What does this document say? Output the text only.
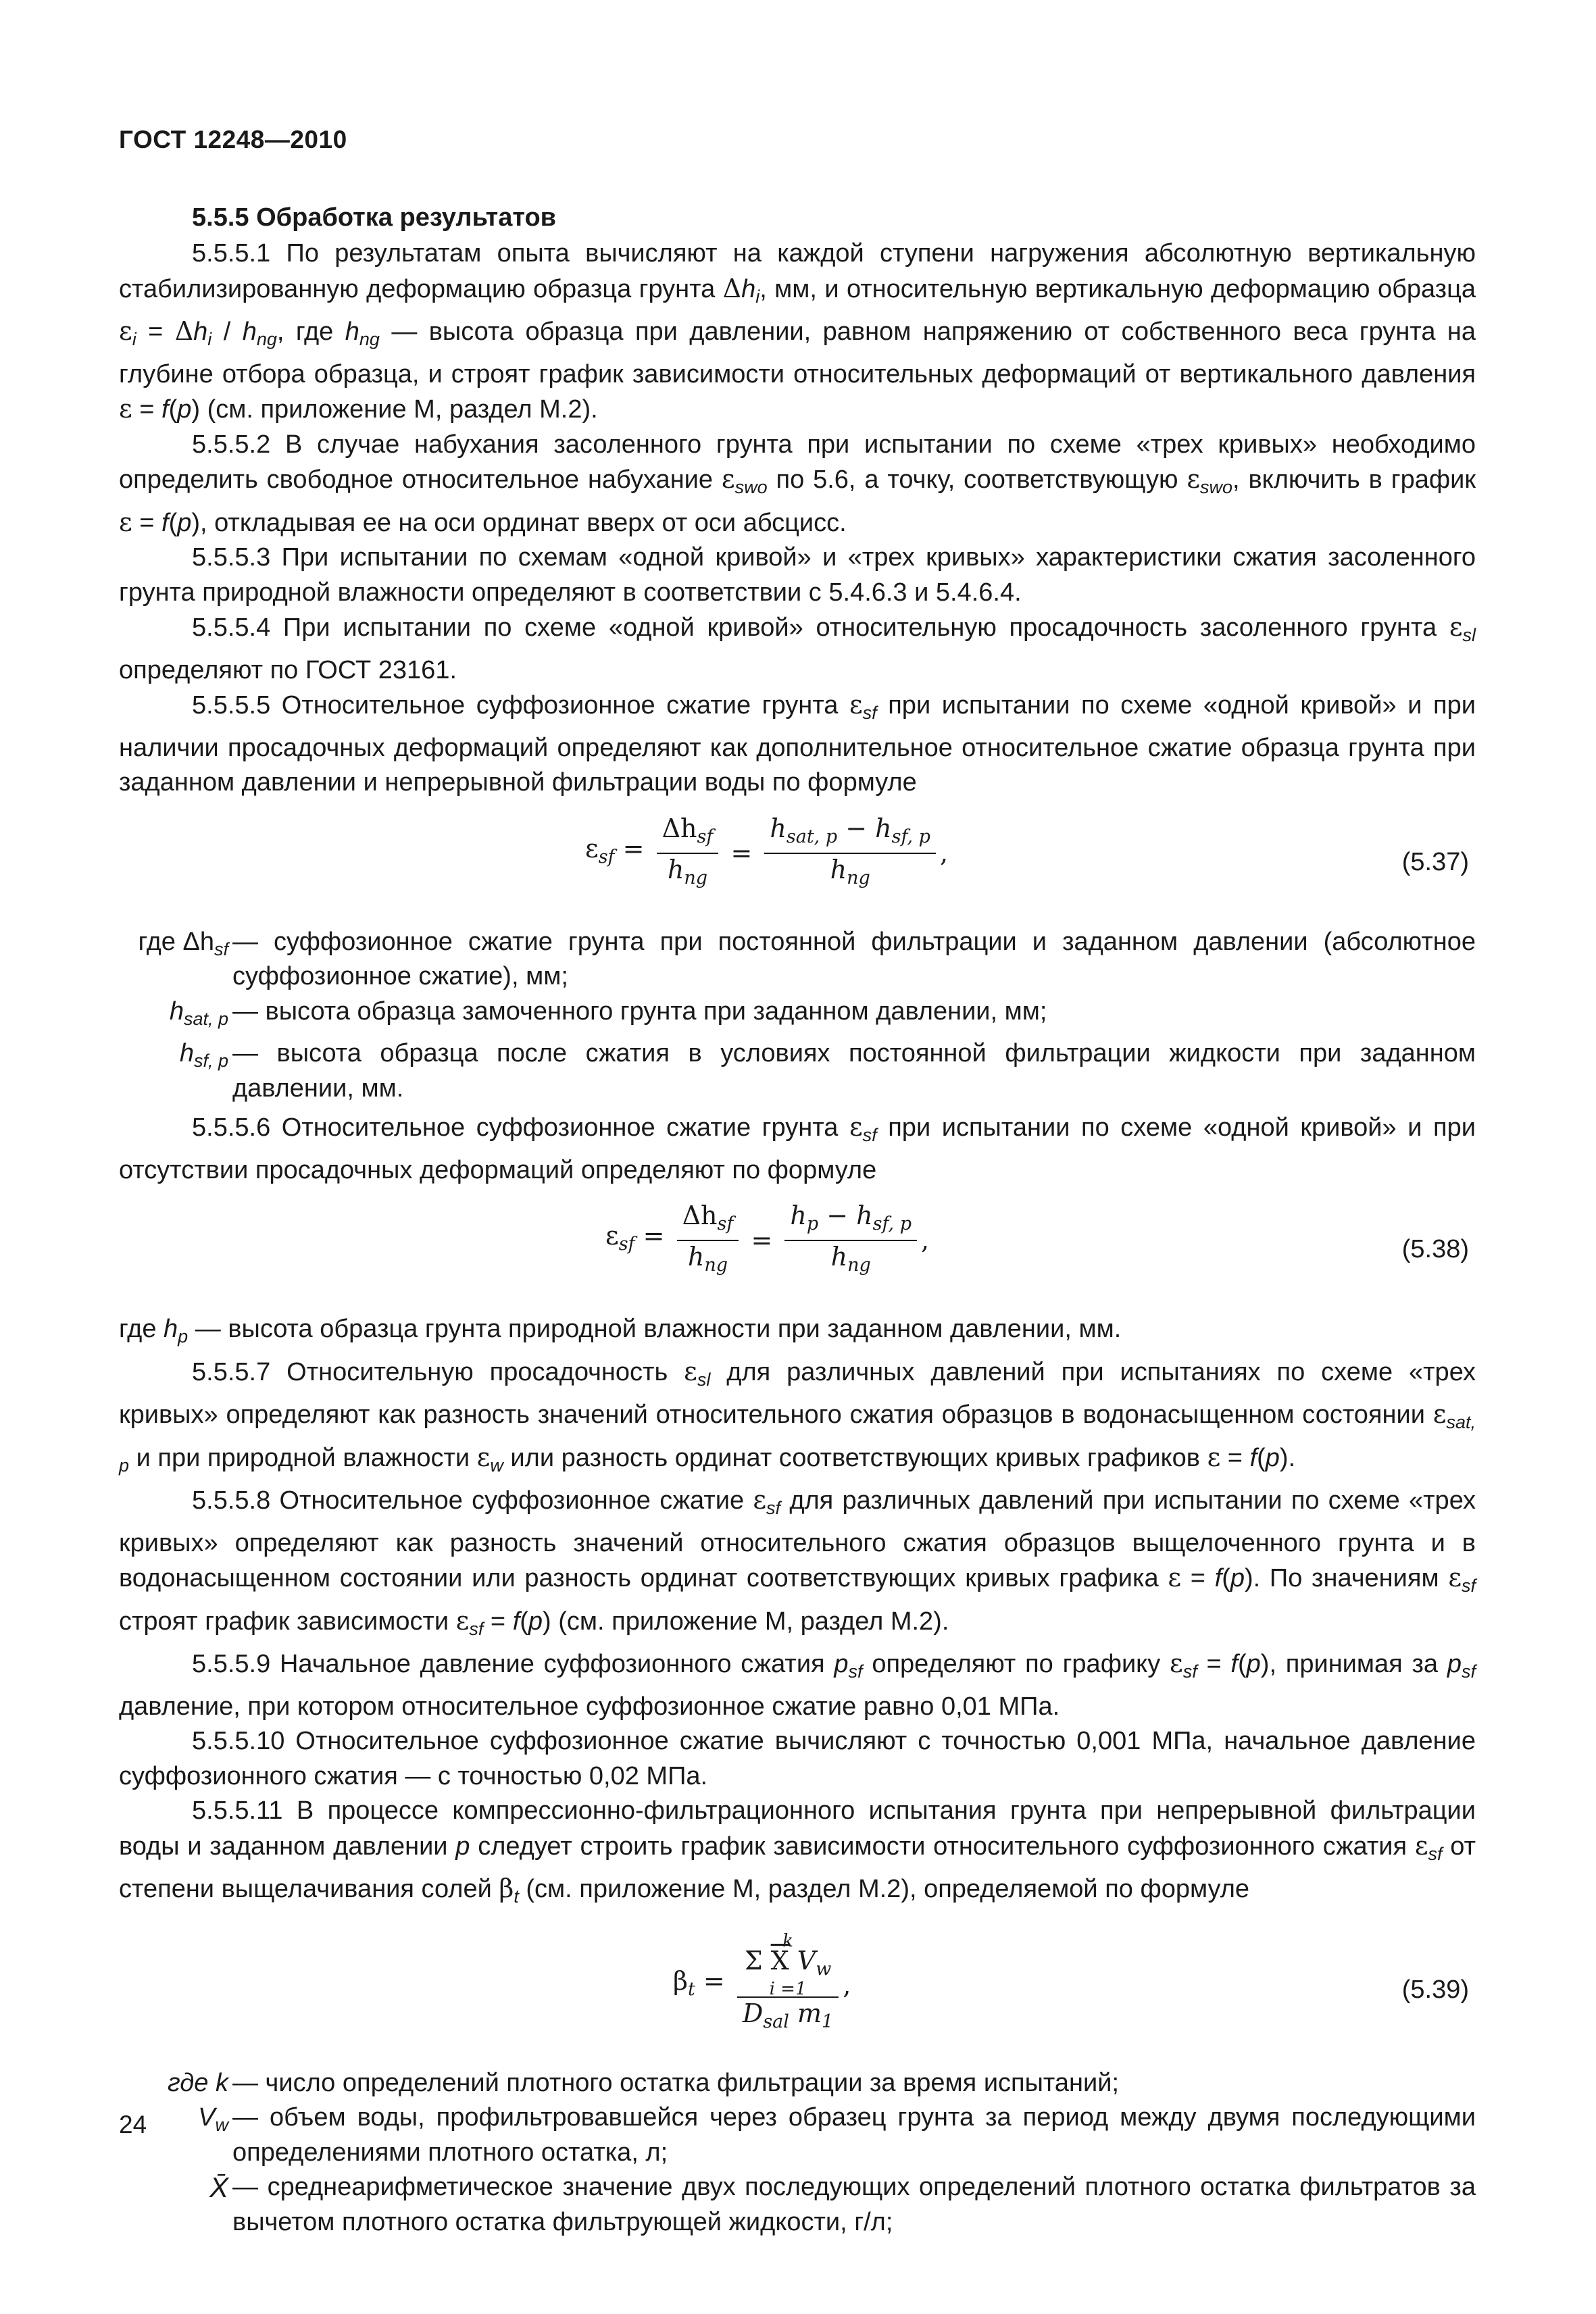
ГОСТ 12248—2010
5.5.5 Обработка результатов

5.5.5.1 По результатам опыта вычисляют на каждой ступени нагружения абсолютную вертикальную стабилизированную деформацию образца грунта $\Delta h_i$, мм, и относительную вертикальную деформацию образца $\varepsilon_i = \Delta h_i / h_{ng}$, где $h_{ng}$ — высота образца при давлении, равном напряжению от собственного веса грунта на глубине отбора образца, и строят график зависимости относительных деформаций от вертикального давления ε = f(p) (см. приложение М, раздел М.2).

5.5.5.2 В случае набухания засоленного грунта при испытании по схеме «трех кривых» необходимо определить свободное относительное набухание $\varepsilon_{swo}$ по 5.6, а точку, соответствующую $\varepsilon_{swo}$, включить в график ε = f(p), откладывая ее на оси ординат вверх от оси абсцисс.

5.5.5.3 При испытании по схемам «одной кривой» и «трех кривых» характеристики сжатия засоленного грунта природной влажности определяют в соответствии с 5.4.6.3 и 5.4.6.4.

5.5.5.4 При испытании по схеме «одной кривой» относительную просадочность засоленного грунта $\varepsilon_{sl}$ определяют по ГОСТ 23161.

5.5.5.5 Относительное суффозионное сжатие грунта $\varepsilon_{sf}$ при испытании по схеме «одной кривой» и при наличии просадочных деформаций определяют как дополнительное относительное сжатие образца грунта при заданном давлении и непрерывной фильтрации воды по формуле

$\varepsilon_{sf} = \frac{\Delta h_{sf}}{h_{ng}} = \frac{h_{sat, p} - h_{sf, p}}{h_{ng}}$ ,	(5.37)
где $\Delta h_{sf}$ — суффозионное сжатие грунта при постоянной фильтрации и заданном давлении (абсолютное суффозионное сжатие), мм;
$h_{sat, p}$ — высота образца замоченного грунта при заданном давлении, мм;
$h_{sf, p}$ — высота образца после сжатия в условиях постоянной фильтрации жидкости при заданном давлении, мм.

5.5.5.6 Относительное суффозионное сжатие грунта $\varepsilon_{sf}$ при испытании по схеме «одной кривой» и при отсутствии просадочных деформаций определяют по формуле

$\varepsilon_{sf} = \frac{\Delta h_{sf}}{h_{ng}} = \frac{h_p - h_{sf, p}}{h_{ng}}$ ,	(5.38)

где $h_p$ — высота образца грунта природной влажности при заданном давлении, мм.

5.5.5.7 Относительную просадочность $\varepsilon_{sl}$ для различных давлений при испытаниях по схеме «трех кривых» определяют как разность значений относительного сжатия образцов в водонасыщенном состоянии $\varepsilon_{sat, p}$ и при природной влажности $\varepsilon_w$ или разность ординат соответствующих кривых графиков ε = f(p).

5.5.5.8 Относительное суффозионное сжатие $\varepsilon_{sf}$ для различных давлений при испытании по схеме «трех кривых» определяют как разность значений относительного сжатия образцов выщелоченного грунта и в водонасыщенном состоянии или разность ординат соответствующих кривых графика ε = f(p). По значениям $\varepsilon_{sf}$ строят график зависимости $\varepsilon_{sf} = f(p)$ (см. приложение М, раздел М.2).

5.5.5.9 Начальное давление суффозионного сжатия $p_{sf}$ определяют по графику $\varepsilon_{sf} = f(p)$, принимая за $p_{sf}$ давление, при котором относительное суффозионное сжатие равно 0,01 МПа.

5.5.5.10 Относительное суффозионное сжатие вычисляют с точностью 0,001 МПа, начальное давление суффозионного сжатия — с точностью 0,02 МПа.

5.5.5.11 В процессе компрессионно-фильтрационного испытания грунта при непрерывной фильтрации воды и заданном давлении p следует строить график зависимости относительного суффозионного сжатия $\varepsilon_{sf}$ от степени выщелачивания солей $\beta_t$ (см. приложение М, раздел М.2), определяемой по формуле

$\beta_t = k$
Σ $\overline{X}$ $V_w$
i =1
$D_{sal}$ $m_1$ ,	(5.39)
где k — число определений плотного остатка фильтрации за время испытаний;
$V_w$ — объем воды, профильтровавшейся через образец грунта за период между двумя последующими определениями плотного остатка, л;
X̄ — среднеарифметическое значение двух последующих определений плотного остатка фильтратов за вычетом плотного остатка фильтрующей жидкости, г/л;
24
